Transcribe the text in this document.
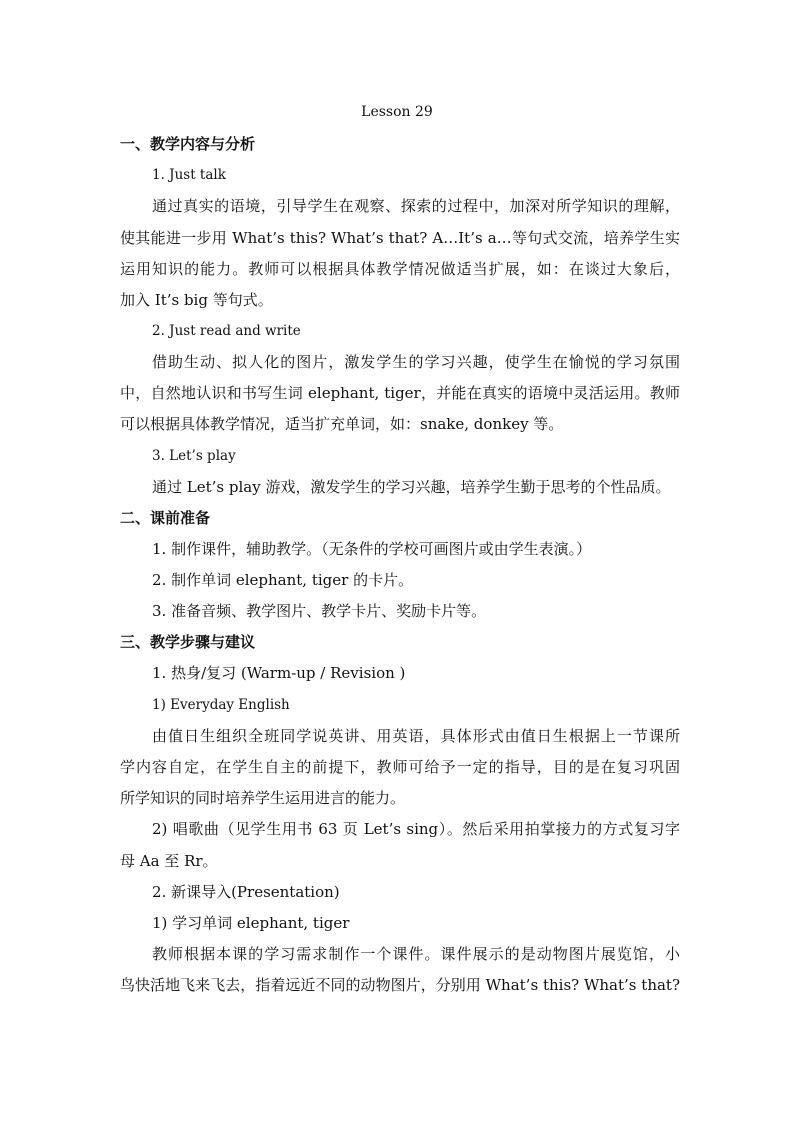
Lesson 29
一、教学内容与分析
1. Just talk
通过真实的语境，引导学生在观察、探索的过程中，加深对所学知识的理解，
使其能进一步用 What’s this? What’s that? A…It’s a…等句式交流，培养学生实
运用知识的能力。教师可以根据具体教学情况做适当扩展，如：在谈过大象后，
加入 It’s big 等句式。
2. Just read and write
借助生动、拟人化的图片，激发学生的学习兴趣，使学生在愉悦的学习氛围
中，自然地认识和书写生词 elephant, tiger，并能在真实的语境中灵活运用。教师
可以根据具体教学情况，适当扩充单词，如：snake, donkey 等。
3. Let’s play
通过 Let’s play 游戏，激发学生的学习兴趣，培养学生勤于思考的个性品质。
二、课前准备
1. 制作课件，辅助教学。（无条件的学校可画图片或由学生表演。）
2. 制作单词 elephant, tiger 的卡片。
3. 准备音频、教学图片、教学卡片、奖励卡片等。
三、教学步骤与建议
1. 热身/复习 (Warm-up / Revision )
1) Everyday English
由值日生组织全班同学说英讲、用英语，具体形式由值日生根据上一节课所
学内容自定，在学生自主的前提下，教师可给予一定的指导，目的是在复习巩固
所学知识的同时培养学生运用进言的能力。
2) 唱歌曲（见学生用书 63 页 Let’s sing）。然后采用拍掌接力的方式复习字
母 Aa 至 Rr。
2. 新课导入(Presentation)
1) 学习单词 elephant, tiger
教师根据本课的学习需求制作一个课件。课件展示的是动物图片展览馆，小
鸟快活地飞来飞去，指着远近不同的动物图片，分别用 What’s this? What’s that?
